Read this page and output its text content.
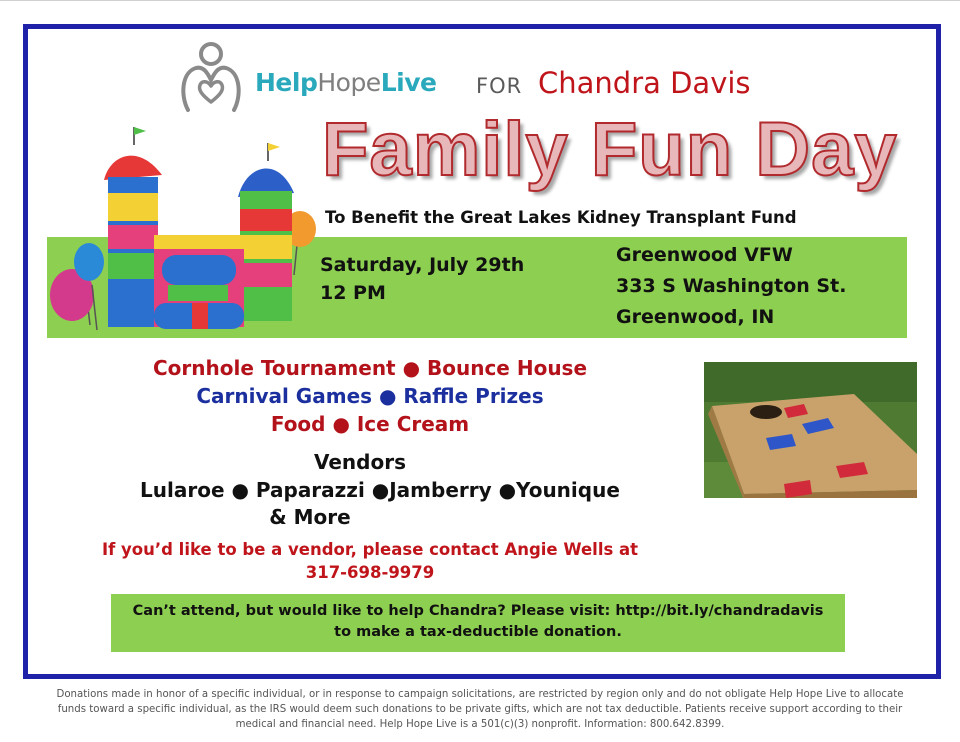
HelpHopeLive FOR Chandra Davis
Family Fun Day
To Benefit the Great Lakes Kidney Transplant Fund
Saturday, July 29th
12 PM
Greenwood VFW
333 S Washington St.
Greenwood, IN
Cornhole Tournament ● Bounce House
Carnival Games ● Raffle Prizes
Food ● Ice Cream
Vendors
Lularoe ● Paparazzi ●Jamberry ●Younique
& More
If you’d like to be a vendor, please contact Angie Wells at
317-698-9979
Can’t attend, but would like to help Chandra? Please visit: http://bit.ly/chandradavis
to make a tax-deductible donation.
Donations made in honor of a specific individual, or in response to campaign solicitations, are restricted by region only and do not obligate Help Hope Live to allocate funds toward a specific individual, as the IRS would deem such donations to be private gifts, which are not tax deductible. Patients receive support according to their medical and financial need. Help Hope Live is a 501(c)(3) nonprofit. Information: 800.642.8399.
